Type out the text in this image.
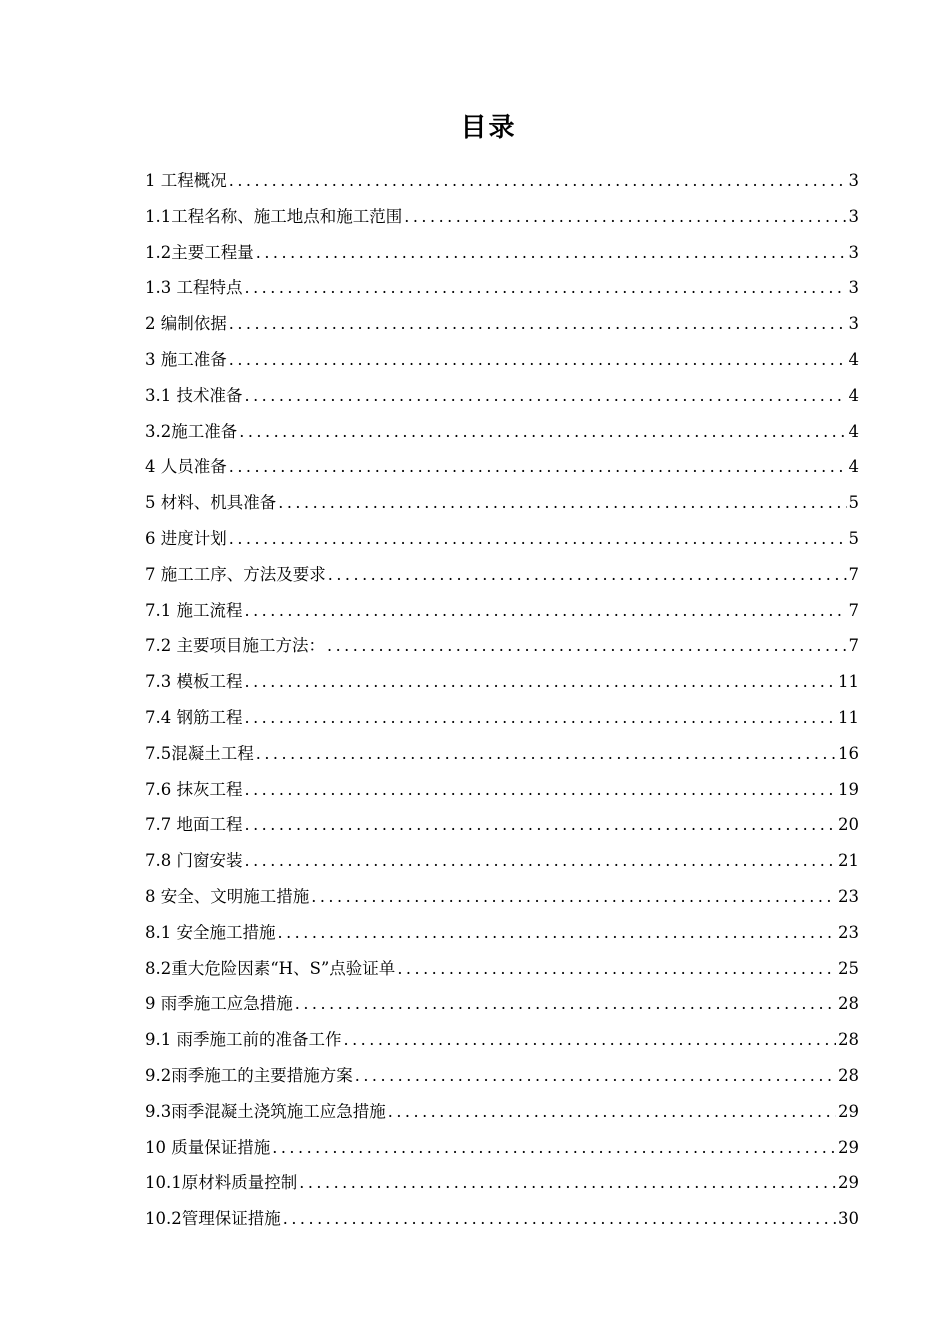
目录
1 工程概况 .....	3
1.1工程名称、施工地点和施工范围 .....	3
1.2主要工程量 .....	3
1.3 工程特点 .....	3
2 编制依据 .....	3
3 施工准备 .....	4
3.1 技术准备 .....	4
3.2施工准备 .....	4
4 人员准备 .....	4
5 材料、机具准备 .....	5
6 进度计划 .....	5
7 施工工序、方法及要求 .....	7
7.1 施工流程 .....	7
7.2 主要项目施工方法： .....	7
7.3 模板工程 .....	11
7.4 钢筋工程 .....	11
7.5混凝土工程 .....	16
7.6 抹灰工程 .....	19
7.7 地面工程 .....	20
7.8 门窗安装 .....	21
8 安全、文明施工措施 .....	23
8.1 安全施工措施 .....	23
8.2重大危险因素“H、S”点验证单 .....	25
9 雨季施工应急措施 .....	28
9.1 雨季施工前的准备工作 .....	28
9.2雨季施工的主要措施方案 .....	28
9.3雨季混凝土浇筑施工应急措施 .....	29
10 质量保证措施 .....	29
10.1原材料质量控制 .....	29
10.2管理保证措施 .....	30
